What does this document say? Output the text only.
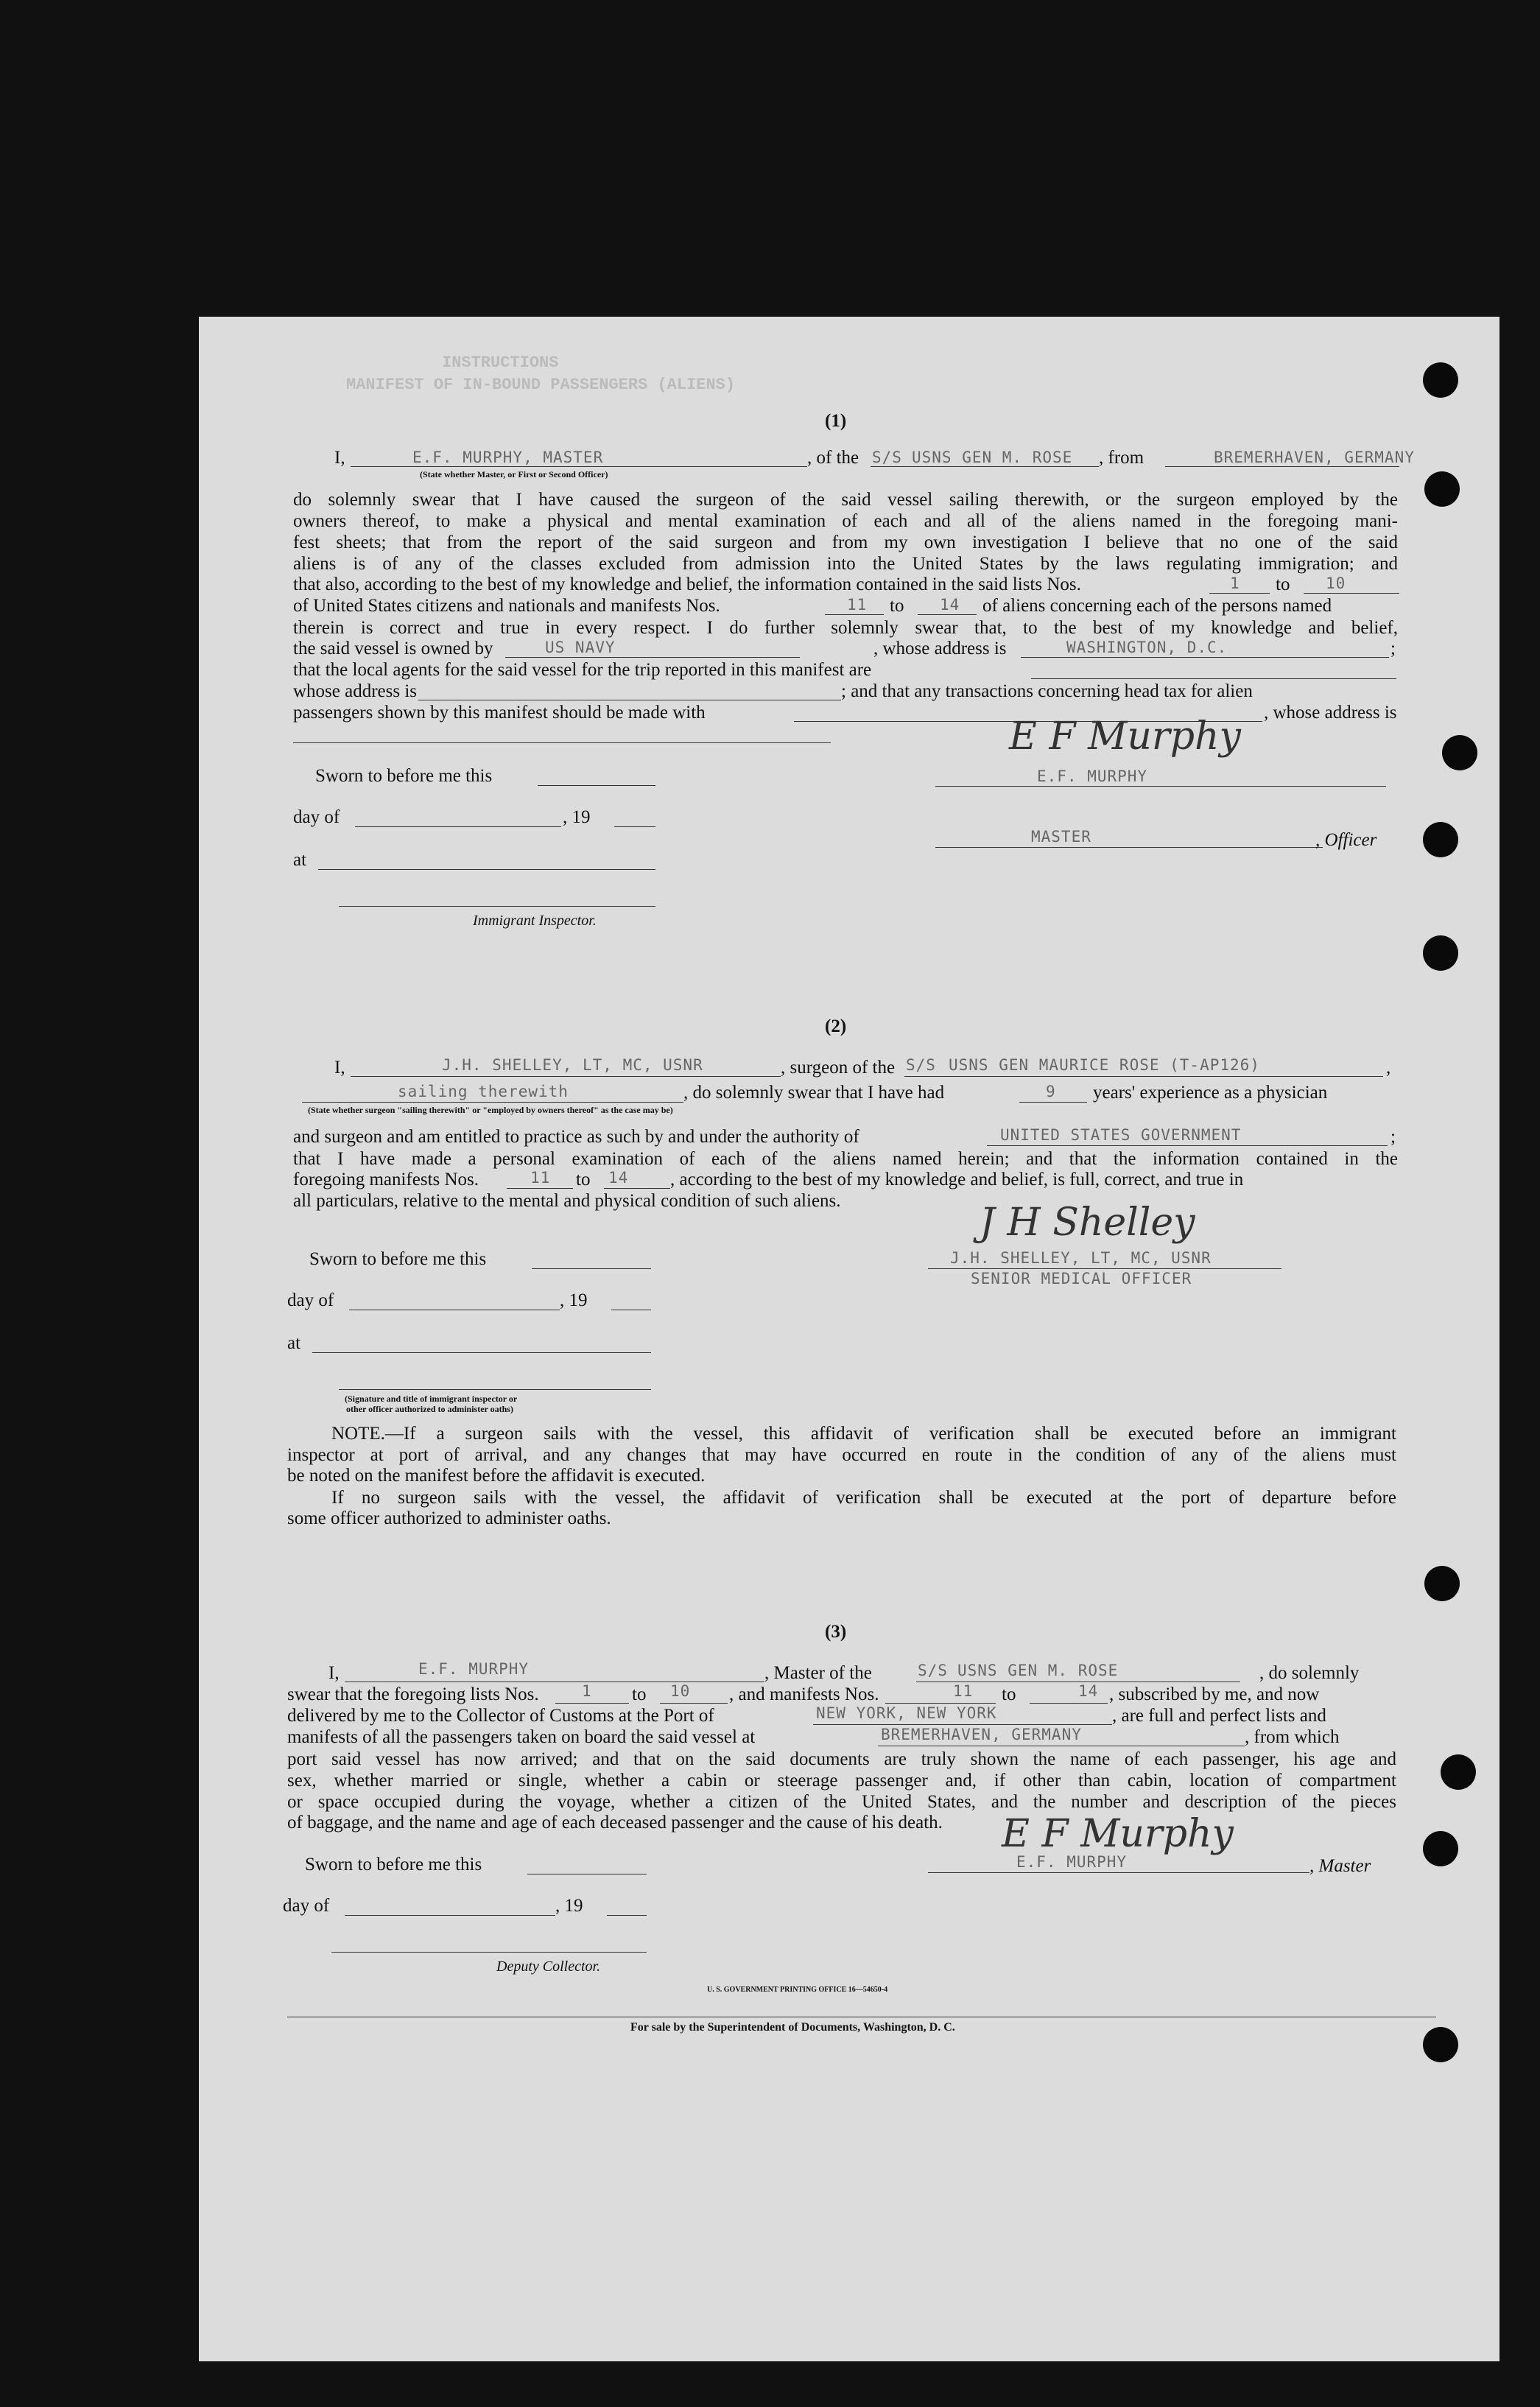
INSTRUCTIONS
MANIFEST OF IN-BOUND PASSENGERS (ALIENS)
(1)
I,	E.F. MURPHY, MASTER
(State whether Master, or First or Second Officer)
, of the S/S USNS GEN M. ROSE , from	BREMERHAVEN, GERMANY
do solemnly swear that I have caused the surgeon of the said vessel sailing therewith, or the surgeon employed by the
owners thereof, to make a physical and mental examination of each and all of the aliens named in the foregoing mani-
fest sheets; that from the report of the said surgeon and from my own investigation I believe that no one of the said
aliens is of any of the classes excluded from admission into the United States by the laws regulating immigration; and
that also, according to the best of my knowledge and belief, the information contained in the said lists Nos.	1 to 10
of United States citizens and nationals and manifests Nos.	11 to 14 of aliens concerning each of the persons named
therein is correct and true in every respect. I do further solemnly swear that, to the best of my knowledge and belief,
the said vessel is owned by	US NAVY	, whose address is	WASHINGTON, D.C.	;
that the local agents for the said vessel for the trip reported in this manifest are
whose address is	; and that any transactions concerning head tax for alien
passengers shown by this manifest should be made with	, whose address is
Sworn to before me this
day of	, 19
at
Immigrant Inspector.
E F Murphy
E.F. MURPHY
MASTER	, Officer
(2)
I,	J.H. SHELLEY, LT, MC, USNR	, surgeon of the S/S USNS GEN MAURICE ROSE (T-AP126)	,
sailing therewith	, do solemnly swear that I have had	9 years' experience as a physician
(State whether surgeon "sailing therewith" or "employed by owners thereof" as the case may be)
and surgeon and am entitled to practice as such by and under the authority of	UNITED STATES GOVERNMENT	;
that I have made a personal examination of each of the aliens named herein; and that the information contained in the
foregoing manifests Nos.	11 to 14 , according to the best of my knowledge and belief, is full, correct, and true in
all particulars, relative to the mental and physical condition of such aliens.
Sworn to before me this
day of	, 19
at
(Signature and title of immigrant inspector or
other officer authorized to administer oaths)
J H Shelley
J.H. SHELLEY, LT, MC, USNR
SENIOR MEDICAL OFFICER
NOTE.—If a surgeon sails with the vessel, this affidavit of verification shall be executed before an immigrant
inspector at port of arrival, and any changes that may have occurred en route in the condition of any of the aliens must
be noted on the manifest before the affidavit is executed.
If no surgeon sails with the vessel, the affidavit of verification shall be executed at the port of departure before
some officer authorized to administer oaths.
(3)
I,	E.F. MURPHY	, Master of the	S/S USNS GEN M. ROSE	, do solemnly
swear that the foregoing lists Nos.	1 to 10 , and manifests Nos.	11 to	14 , subscribed by me, and now
delivered by me to the Collector of Customs at the Port of	NEW YORK, NEW YORK	, are full and perfect lists and
manifests of all the passengers taken on board the said vessel at	BREMERHAVEN, GERMANY	, from which
port said vessel has now arrived; and that on the said documents are truly shown the name of each passenger, his age and
sex, whether married or single, whether a cabin or steerage passenger and, if other than cabin, location of compartment
or space occupied during the voyage, whether a citizen of the United States, and the number and description of the pieces
of baggage, and the name and age of each deceased passenger and the cause of his death.
Sworn to before me this
day of	, 19
Deputy Collector.
E F Murphy
E.F. MURPHY	, Master
U. S. GOVERNMENT PRINTING OFFICE 16—54650-4
For sale by the Superintendent of Documents, Washington, D. C.
